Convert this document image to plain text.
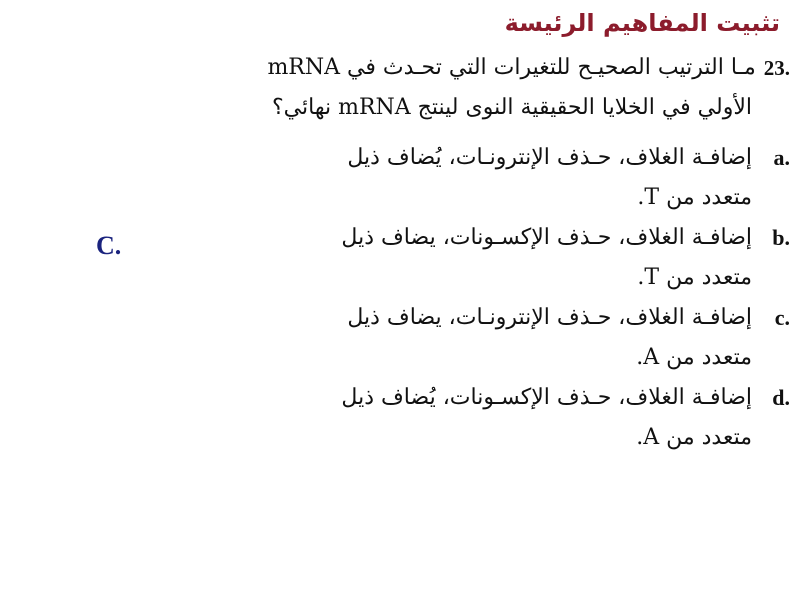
تثبيت المفاهيم الرئيسة
23.
مـا الترتيب الصحيـح للتغيرات التي تحـدث في mRNA
الأولي في الخلايا الحقيقية النوى لينتج mRNA نهائي؟
a.
إضافـة الغلاف، حـذف الإنترونـات، يُضاف ذيل
متعدد من T.
b.
إضافـة الغلاف، حـذف الإكسـونات، يضاف ذيل
متعدد من T.
c.
إضافـة الغلاف، حـذف الإنترونـات، يضاف ذيل
متعدد من A.
d.
إضافـة الغلاف، حـذف الإكسـونات، يُضاف ذيل
متعدد من A.
C.
